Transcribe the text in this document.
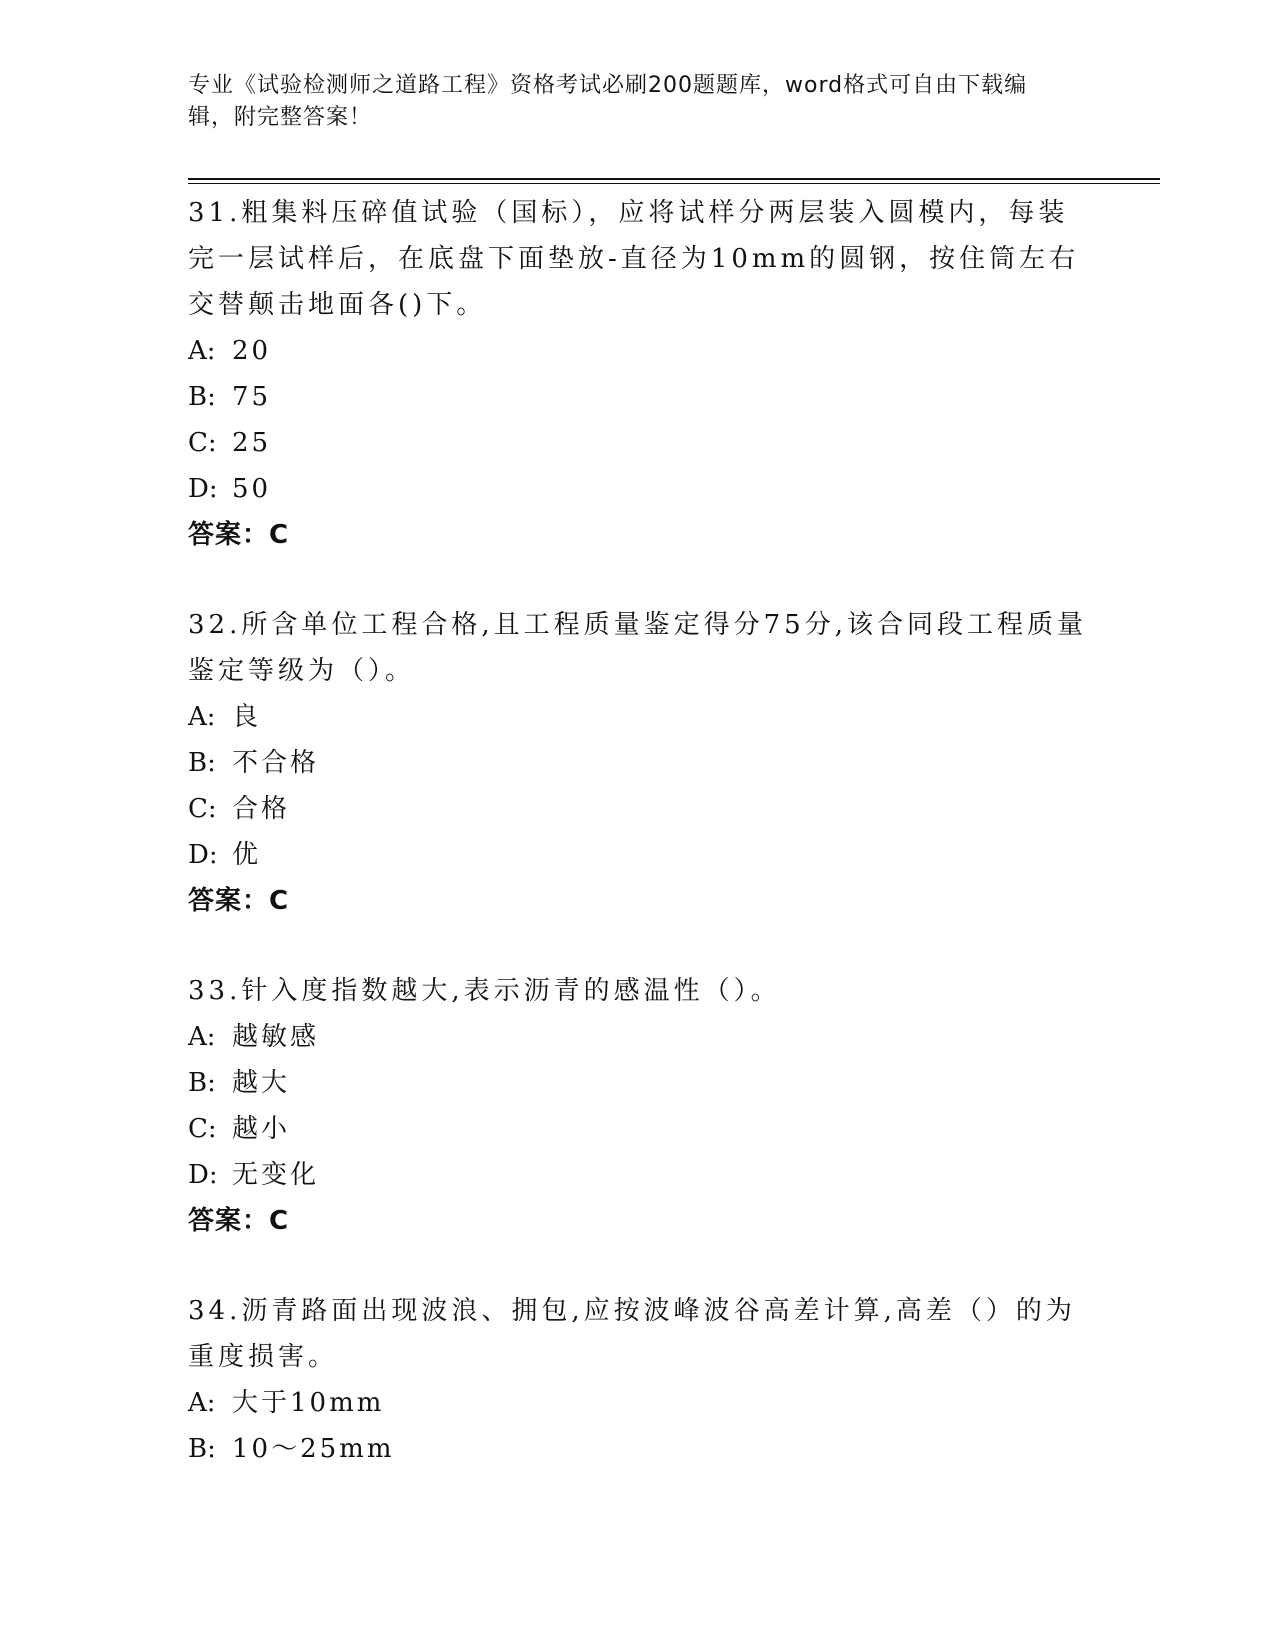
专业《试验检测师之道路工程》资格考试必刷200题题库，word格式可自由下载编辑，附完整答案！
31.粗集料压碎值试验（国标），应将试样分两层装入圆模内，每装完一层试样后，在底盘下面垫放-直径为10mm的圆钢，按住筒左右交替颠击地面各()下。
A: 20
B: 75
C: 25
D: 50
答案：C
32.所含单位工程合格,且工程质量鉴定得分75分,该合同段工程质量鉴定等级为（）。
A: 良
B: 不合格
C: 合格
D: 优
答案：C
33.针入度指数越大,表示沥青的感温性（）。
A: 越敏感
B: 越大
C: 越小
D: 无变化
答案：C
34.沥青路面出现波浪、拥包,应按波峰波谷高差计算,高差（）的为重度损害。
A: 大于10mm
B: 10～25mm
